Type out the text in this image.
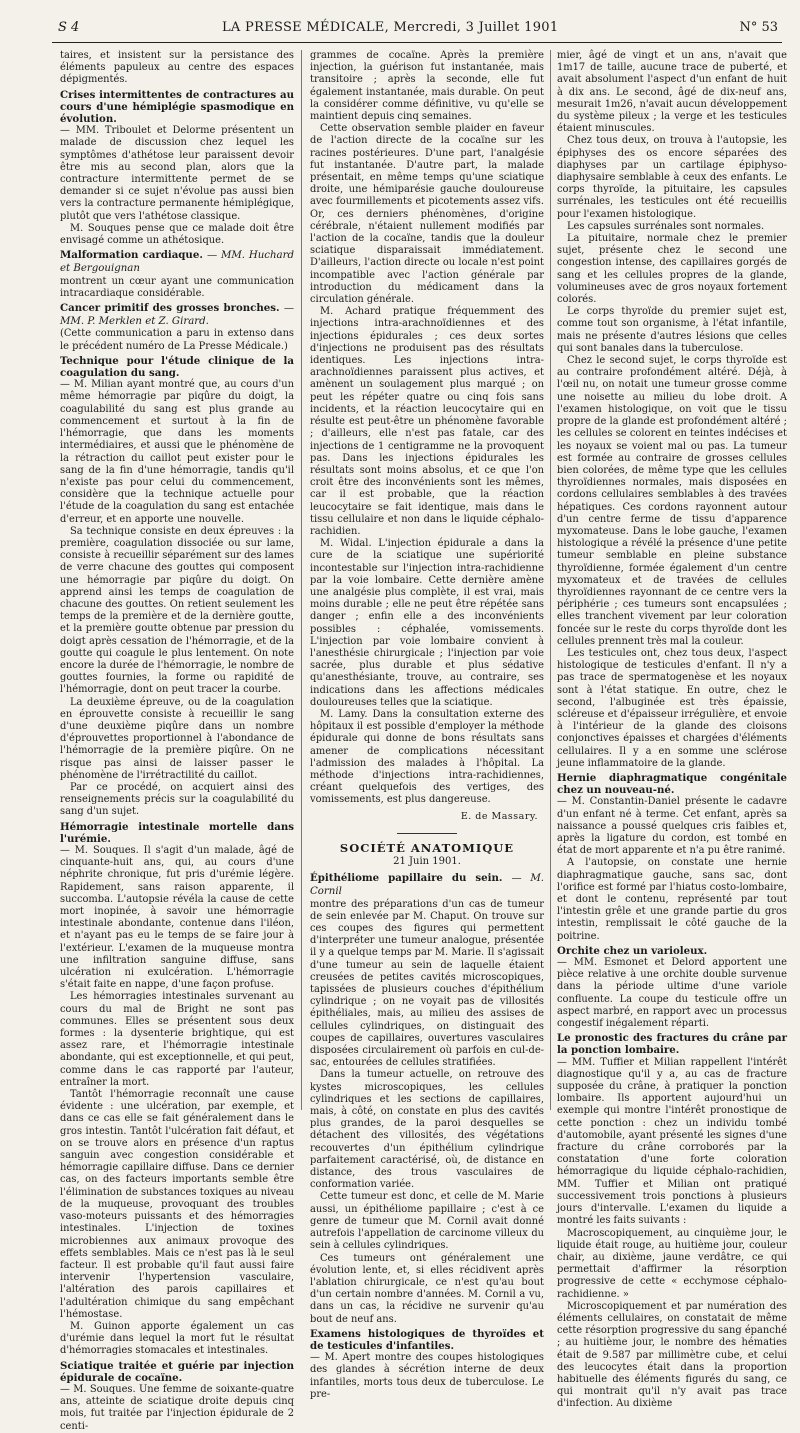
S 4	LA PRESSE MÉDICALE, Mercredi, 3 Juillet 1901	N° 53

taires, et insistent sur la persistance des éléments papuleux au centre des espaces dépigmentés.

Crises intermittentes de contractures au cours d'une hémiplégie spasmodique en évolution.

— MM. Triboulet et Delorme présentent un malade de discussion chez lequel les symptômes d'athétose leur paraissent devoir être mis au second plan, alors que la contracture intermittente permet de se demander si ce sujet n'évolue pas aussi bien vers la contracture permanente hémiplégique, plutôt que vers l'athétose classique.

M. Souques pense que ce malade doit être envisagé comme un athétosique.

Malformation cardiaque. — MM. Huchard et Bergouignan

montrent un cœur ayant une communication intracardiaque considérable.

Cancer primitif des grosses bronches. — MM. P. Merklen et Z. Girard.

(Cette communication a paru in extenso dans le précédent numéro de La Presse Médicale.)

Technique pour l'étude clinique de la coagulation du sang.

— M. Milian ayant montré que, au cours d'un même hémorragie par piqûre du doigt, la coagulabilité du sang est plus grande au commencement et surtout à la fin de l'hémorragie, que dans les moments intermédiaires, et aussi que le phénomène de la rétraction du caillot peut exister pour le sang de la fin d'une hémorragie, tandis qu'il n'existe pas pour celui du commencement, considère que la technique actuelle pour l'étude de la coagulation du sang est entachée d'erreur, et en apporte une nouvelle.

Sa technique consiste en deux épreuves : la première, coagulation dissociée ou sur lame, consiste à recueillir séparément sur des lames de verre chacune des gouttes qui composent une hémorragie par piqûre du doigt. On apprend ainsi les temps de coagulation de chacune des gouttes. On retient seulement les temps de la première et de la dernière goutte, et la première goutte obtenue par pression du doigt après cessation de l'hémorragie, et de la goutte qui coagule le plus lentement. On note encore la durée de l'hémorragie, le nombre de gouttes fournies, la forme ou rapidité de l'hémorragie, dont on peut tracer la courbe.

La deuxième épreuve, ou de la coagulation en éprouvette consiste à recueillir le sang d'une deuxième piqûre dans un nombre d'éprouvettes proportionnel à l'abondance de l'hémorragie de la première piqûre. On ne risque pas ainsi de laisser passer le phénomène de l'irrétractilité du caillot.

Par ce procédé, on acquiert ainsi des renseignements précis sur la coagulabilité du sang d'un sujet.

Hémorragie intestinale mortelle dans l'urémie.

— M. Souques. Il s'agit d'un malade, âgé de cinquante-huit ans, qui, au cours d'une néphrite chronique, fut pris d'urémie légère. Rapidement, sans raison apparente, il succomba. L'autopsie révéla la cause de cette mort inopinée, à savoir une hémorragie intestinale abondante, contenue dans l'iléon, et n'ayant pas eu le temps de se faire jour à l'extérieur. L'examen de la muqueuse montra une infiltration sanguine diffuse, sans ulcération ni exulcération. L'hémorragie s'était faite en nappe, d'une façon profuse.

Les hémorragies intestinales survenant au cours du mal de Bright ne sont pas communes. Elles se présentent sous deux formes : la dysenterie brightique, qui est assez rare, et l'hémorragie intestinale abondante, qui est exceptionnelle, et qui peut, comme dans le cas rapporté par l'auteur, entraîner la mort.

Tantôt l'hémorragie reconnaît une cause évidente : une ulcération, par exemple, et dans ce cas elle se fait généralement dans le gros intestin. Tantôt l'ulcération fait défaut, et on se trouve alors en présence d'un raptus sanguin avec congestion considérable et hémorragie capillaire diffuse. Dans ce dernier cas, on des facteurs importants semble être l'élimination de substances toxiques au niveau de la muqueuse, provoquant des troubles vaso-moteurs puissants et des hémorragies intestinales. L'injection de toxines microbiennes aux animaux provoque des effets semblables. Mais ce n'est pas là le seul facteur. Il est probable qu'il faut aussi faire intervenir l'hypertension vasculaire, l'altération des parois capillaires et l'adultération chimique du sang empêchant l'hémostase.

M. Guinon apporte également un cas d'urémie dans lequel la mort fut le résultat d'hémorragies stomacales et intestinales.

Sciatique traitée et guérie par injection épidurale de cocaïne.

— M. Souques. Une femme de soixante-quatre ans, atteinte de sciatique droite depuis cinq mois, fut traitée par l'injection épidurale de 2 centi-

grammes de cocaïne. Après la première injection, la guérison fut instantanée, mais transitoire ; après la seconde, elle fut également instantanée, mais durable. On peut la considérer comme définitive, vu qu'elle se maintient depuis cinq semaines.

Cette observation semble plaider en faveur de l'action directe de la cocaïne sur les racines postérieures. D'une part, l'analgésie fut instantanée. D'autre part, la malade présentait, en même temps qu'une sciatique droite, une hémiparésie gauche douloureuse avec fourmillements et picotements assez vifs. Or, ces derniers phénomènes, d'origine cérébrale, n'étaient nullement modifiés par l'action de la cocaïne, tandis que la douleur sciatique disparaissait immédiatement. D'ailleurs, l'action directe ou locale n'est point incompatible avec l'action générale par introduction du médicament dans la circulation générale.

M. Achard pratique fréquemment des injections intra-arachnoïdiennes et des injections épidurales ; ces deux sortes d'injections ne produisent pas des résultats identiques. Les injections intra-arachnoïdiennes paraissent plus actives, et amènent un soulagement plus marqué ; on peut les répéter quatre ou cinq fois sans incidents, et la réaction leucocytaire qui en résulte est peut-être un phénomène favorable ; d'ailleurs, elle n'est pas fatale, car des injections de 1 centigramme ne la provoquent pas. Dans les injections épidurales les résultats sont moins absolus, et ce que l'on croit être des inconvénients sont les mêmes, car il est probable, que la réaction leucocytaire se fait identique, mais dans le tissu cellulaire et non dans le liquide céphalo-rachidien.

M. Widal. L'injection épidurale a dans la cure de la sciatique une supériorité incontestable sur l'injection intra-rachidienne par la voie lombaire. Cette dernière amène une analgésie plus complète, il est vrai, mais moins durable ; elle ne peut être répétée sans danger ; enfin elle a des inconvénients possibles : céphalée, vomissements. L'injection par voie lombaire convient à l'anesthésie chirurgicale ; l'injection par voie sacrée, plus durable et plus sédative qu'anesthésiante, trouve, au contraire, ses indications dans les affections médicales douloureuses telles que la sciatique.

M. Lamy. Dans la consultation externe des hôpitaux il est possible d'employer la méthode épidurale qui donne de bons résultats sans amener de complications nécessitant l'admission des malades à l'hôpital. La méthode d'injections intra-rachidiennes, créant quelquefois des vertiges, des vomissements, est plus dangereuse.

E. de Massary.
SOCIÉTÉ ANATOMIQUE
21 Juin 1901.
Épithéliome papillaire du sein. — M. Cornil

montre des préparations d'un cas de tumeur de sein enlevée par M. Chaput. On trouve sur ces coupes des figures qui permettent d'interpréter une tumeur analogue, présentée il y a quelque temps par M. Marie. Il s'agissait d'une tumeur au sein de laquelle étaient creusées de petites cavités microscopiques, tapissées de plusieurs couches d'épithélium cylindrique ; on ne voyait pas de villosités épithéliales, mais, au milieu des assises de cellules cylindriques, on distinguait des coupes de capillaires, ouvertures vasculaires disposées circulairement où parfois en cul-de-sac, entourées de cellules stratifiées.

Dans la tumeur actuelle, on retrouve des kystes microscopiques, les cellules cylindriques et les sections de capillaires, mais, à côté, on constate en plus des cavités plus grandes, de la paroi desquelles se détachent des villosités, des végétations recouvertes d'un épithélium cylindrique parfaitement caractérisé, où, de distance en distance, des trous vasculaires de conformation variée.

Cette tumeur est donc, et celle de M. Marie aussi, un épithéliome papillaire ; c'est à ce genre de tumeur que M. Cornil avait donné autrefois l'appellation de carcinome villeux du sein à cellules cylindriques.

Ces tumeurs ont généralement une évolution lente, et, si elles récidivent après l'ablation chirurgicale, ce n'est qu'au bout d'un certain nombre d'années. M. Cornil a vu, dans un cas, la récidive ne survenir qu'au bout de neuf ans.

Examens histologiques de thyroïdes et de testicules d'infantiles.

— M. Apert montre des coupes histologiques des glandes à sécrétion interne de deux infantiles, morts tous deux de tuberculose. Le pre-

mier, âgé de vingt et un ans, n'avait que 1m17 de taille, aucune trace de puberté, et avait absolument l'aspect d'un enfant de huit à dix ans. Le second, âgé de dix-neuf ans, mesurait 1m26, n'avait aucun développement du système pileux ; la verge et les testicules étaient minuscules.

Chez tous deux, on trouva à l'autopsie, les épiphyses des os encore séparées des diaphyses par un cartilage épiphyso-diaphysaire semblable à ceux des enfants. Le corps thyroïde, la pituitaire, les capsules surrénales, les testicules ont été recueillis pour l'examen histologique.

Les capsules surrénales sont normales.

La pituitaire, normale chez le premier sujet, présente chez le second une congestion intense, des capillaires gorgés de sang et les cellules propres de la glande, volumineuses avec de gros noyaux fortement colorés.

Le corps thyroïde du premier sujet est, comme tout son organisme, à l'état infantile, mais ne présente d'autres lésions que celles qui sont banales dans la tuberculose.

Chez le second sujet, le corps thyroïde est au contraire profondément altéré. Déjà, à l'œil nu, on notait une tumeur grosse comme une noisette au milieu du lobe droit. A l'examen histologique, on voit que le tissu propre de la glande est profondément altéré ; les cellules se colorent en teintes indécises et les noyaux se voient mal ou pas. La tumeur est formée au contraire de grosses cellules bien colorées, de même type que les cellules thyroïdiennes normales, mais disposées en cordons cellulaires semblables à des travées hépatiques. Ces cordons rayonnent autour d'un centre ferme de tissu d'apparence myxomateuse. Dans le lobe gauche, l'examen histologique a révélé la présence d'une petite tumeur semblable en pleine substance thyroïdienne, formée également d'un centre myxomateux et de travées de cellules thyroïdiennes rayonnant de ce centre vers la périphérie ; ces tumeurs sont encapsulées ; elles tranchent vivement par leur coloration foncée sur le reste du corps thyroïde dont les cellules prennent très mal la couleur.

Les testicules ont, chez tous deux, l'aspect histologique de testicules d'enfant. Il n'y a pas trace de spermatogenèse et les noyaux sont à l'état statique. En outre, chez le second, l'albuginée est très épaissie, scléreuse et d'épaisseur irrégulière, et envoie à l'intérieur de la glande des cloisons conjonctives épaisses et chargées d'éléments cellulaires. Il y a en somme une sclérose jeune inflammatoire de la glande.

Hernie diaphragmatique congénitale chez un nouveau-né.

— M. Constantin-Daniel présente le cadavre d'un enfant né à terme. Cet enfant, après sa naissance a poussé quelques cris faibles et, après la ligature du cordon, est tombé en état de mort apparente et n'a pu être ranimé.

A l'autopsie, on constate une hernie diaphragmatique gauche, sans sac, dont l'orifice est formé par l'hiatus costo-lombaire, et dont le contenu, représenté par tout l'intestin grêle et une grande partie du gros intestin, remplissait le côté gauche de la poitrine.

Orchite chez un varioleux.

— MM. Esmonet et Delord apportent une pièce relative à une orchite double survenue dans la période ultime d'une variole confluente. La coupe du testicule offre un aspect marbré, en rapport avec un processus congestif inégalement réparti.

Le pronostic des fractures du crâne par la ponction lombaire.

— MM. Tuffier et Milian rappellent l'intérêt diagnostique qu'il y a, au cas de fracture supposée du crâne, à pratiquer la ponction lombaire. Ils apportent aujourd'hui un exemple qui montre l'intérêt pronostique de cette ponction : chez un individu tombé d'automobile, ayant présenté les signes d'une fracture du crâne corroborés par la constatation d'une forte coloration hémorragique du liquide céphalo-rachidien, MM. Tuffier et Milian ont pratiqué successivement trois ponctions à plusieurs jours d'intervalle. L'examen du liquide a montré les faits suivants :

Macroscopiquement, au cinquième jour, le liquide était rouge, au huitième jour, couleur chair, au dixième, jaune verdâtre, ce qui permettait d'affirmer la résorption progressive de cette « ecchymose céphalo-rachidienne. »

Microscopiquement et par numération des éléments cellulaires, on constatait de même cette résorption progressive du sang épanché ; au huitième jour, le nombre des hématies était de 9.587 par millimètre cube, et celui des leucocytes était dans la proportion habituelle des éléments figurés du sang, ce qui montrait qu'il n'y avait pas trace d'infection. Au dixième
